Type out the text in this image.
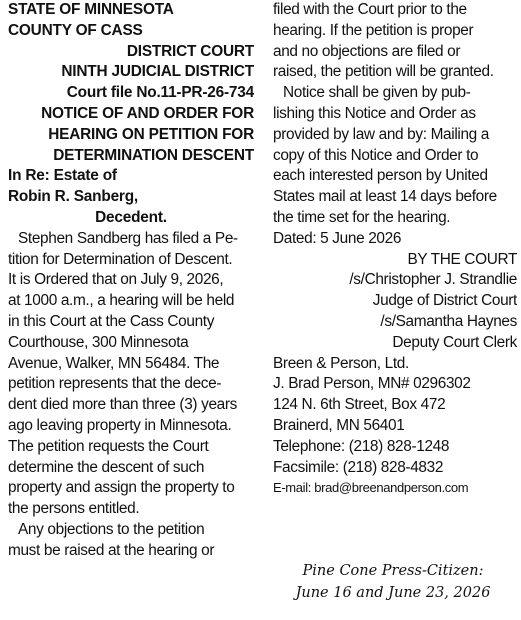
STATE OF MINNESOTA
COUNTY OF CASS
DISTRICT COURT
NINTH JUDICIAL DISTRICT
Court file No.11-PR-26-734
NOTICE OF AND ORDER FOR
HEARING ON PETITION FOR
DETERMINATION DESCENT
In Re: Estate of
Robin R. Sanberg,
Decedent.
Stephen Sandberg has filed a Pe-
tition for Determination of Descent.
It is Ordered that on July 9, 2026,
at 1000 a.m., a hearing will be held
in this Court at the Cass County
Courthouse, 300 Minnesota
Avenue, Walker, MN 56484. The
petition represents that the dece-
dent died more than three (3) years
ago leaving property in Minnesota.
The petition requests the Court
determine the descent of such
property and assign the property to
the persons entitled.
Any objections to the petition
must be raised at the hearing or
filed with the Court prior to the
hearing. If the petition is proper
and no objections are filed or
raised, the petition will be granted.
Notice shall be given by pub-
lishing this Notice and Order as
provided by law and by: Mailing a
copy of this Notice and Order to
each interested person by United
States mail at least 14 days before
the time set for the hearing.
Dated: 5 June 2026
BY THE COURT
/s/Christopher J. Strandlie
Judge of District Court
/s/Samantha Haynes
Deputy Court Clerk
Breen & Person, Ltd.
J. Brad Person, MN# 0296302
124 N. 6th Street, Box 472
Brainerd, MN 56401
Telephone: (218) 828-1248
Facsimile: (218) 828-4832
E-mail: brad@breenandperson.com
Pine Cone Press-Citizen:
June 16 and June 23, 2026
